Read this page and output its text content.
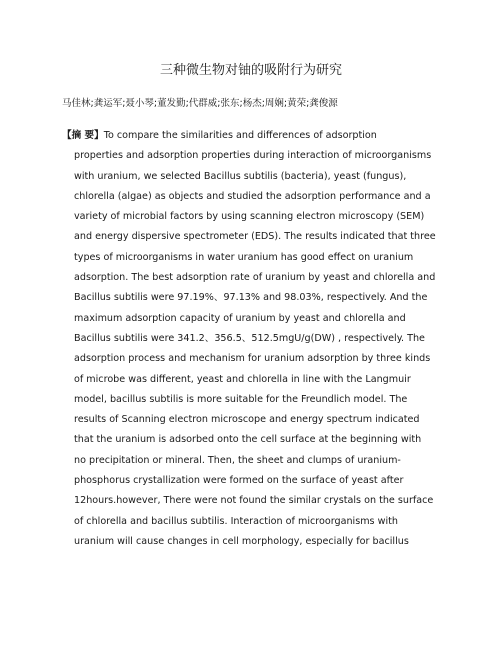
三种微生物对铀的吸附行为研究
马佳林;龚运军;聂小琴;董发勤;代群威;张东;杨杰;周娴;黄荣;龚俊源
【摘 要】To compare the similarities and differences of adsorption
properties and adsorption properties during interaction of microorganisms
with uranium, we selected Bacillus subtilis (bacteria), yeast (fungus),
chlorella (algae) as objects and studied the adsorption performance and a
variety of microbial factors by using scanning electron microscopy (SEM)
and energy dispersive spectrometer (EDS). The results indicated that three
types of microorganisms in water uranium has good effect on uranium
adsorption. The best adsorption rate of uranium by yeast and chlorella and
Bacillus subtilis were 97.19%、97.13% and 98.03%, respectively. And the
maximum adsorption capacity of uranium by yeast and chlorella and
Bacillus subtilis were 341.2、356.5、512.5mgU/g(DW) , respectively. The
adsorption process and mechanism for uranium adsorption by three kinds
of microbe was different, yeast and chlorella in line with the Langmuir
model, bacillus subtilis is more suitable for the Freundlich model. The
results of Scanning electron microscope and energy spectrum indicated
that the uranium is adsorbed onto the cell surface at the beginning with
no precipitation or mineral. Then, the sheet and clumps of uranium-
phosphorus crystallization were formed on the surface of yeast after
12hours.however, There were not found the similar crystals on the surface
of chlorella and bacillus subtilis. Interaction of microorganisms with
uranium will cause changes in cell morphology, especially for bacillus
